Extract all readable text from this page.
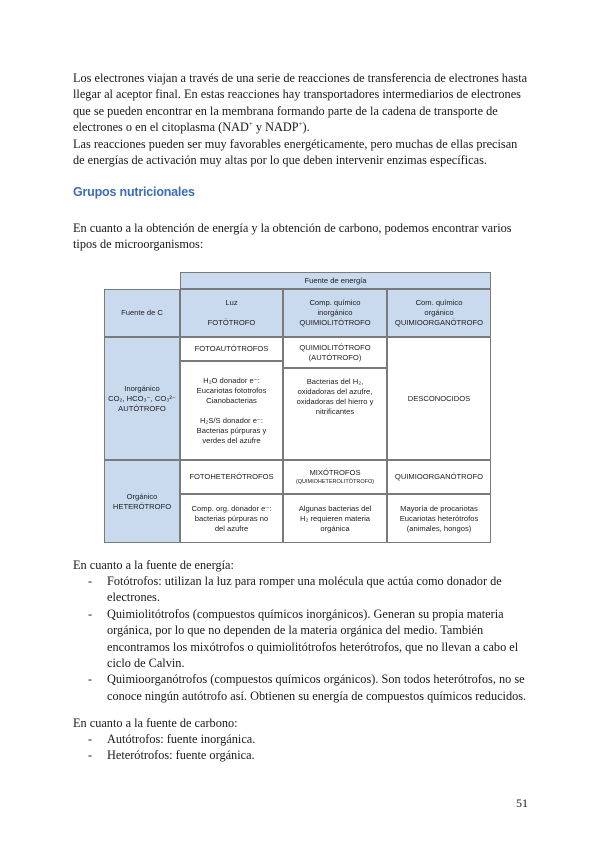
Los electrones viajan a través de una serie de reacciones de transferencia de electrones hasta llegar al aceptor final. En estas reacciones hay transportadores intermediarios de electrones que se pueden encontrar en la membrana formando parte de la cadena de transporte de electrones o en el citoplasma (NAD+ y NADP+).

Las reacciones pueden ser muy favorables energéticamente, pero muchas de ellas precisan de energías de activación muy altas por lo que deben intervenir enzimas específicas.

Grupos nutricionales

En cuanto a la obtención de energía y la obtención de carbono, podemos encontrar varios tipos de microorganismos:

Fuente de energía
Fuente de C
Luz

FOTÓTROFO
Comp. químico
inorgánico
QUIMIOLITÓTROFO
Com. químico
orgánico
QUIMIOORGANÓTROFO
Inorgánico
CO₂, HCO₃⁻, CO₃²⁻
AUTÓTROFO
FOTOAUTÓTROFOS
H₂O donador e⁻:
Eucariotas fototrofos
Cianobacterias

H₂S/S donador e⁻:
Bacterias púrpuras y
verdes del azufre
QUIMIOLITÓTROFO
(AUTÓTROFO)
Bacterias del H₂,
oxidadoras del azufre,
oxidadoras del hierro y
nitrificantes
DESCONOCIDOS
Orgánico
HETERÓTROFO
FOTOHETERÓTROFOS
Comp. org. donador e⁻:
bacterias púrpuras no
del azufre
MIXÓTROFOS
(QUIMIOHETEROLITÓTROFO)
Algunas bacterias del
H₂ requieren materia
orgánica
QUIMIOORGANÓTROFO
Mayoría de procariotas
Eucariotas heterótrofos
(animales, hongos)

En cuanto a la fuente de energía:

- Fotótrofos: utilizan la luz para romper una molécula que actúa como donador de electrones.
- Quimiolitótrofos (compuestos químicos inorgánicos). Generan su propia materia orgánica, por lo que no dependen de la materia orgánica del medio. También encontramos los mixótrofos o quimiolitótrofos heterótrofos, que no llevan a cabo el ciclo de Calvin.
- Quimioorganótrofos (compuestos químicos orgánicos). Son todos heterótrofos, no se conoce ningún autótrofo así. Obtienen su energía de compuestos químicos reducidos.

En cuanto a la fuente de carbono:

- Autótrofos: fuente inorgánica.
- Heterótrofos: fuente orgánica.
51
